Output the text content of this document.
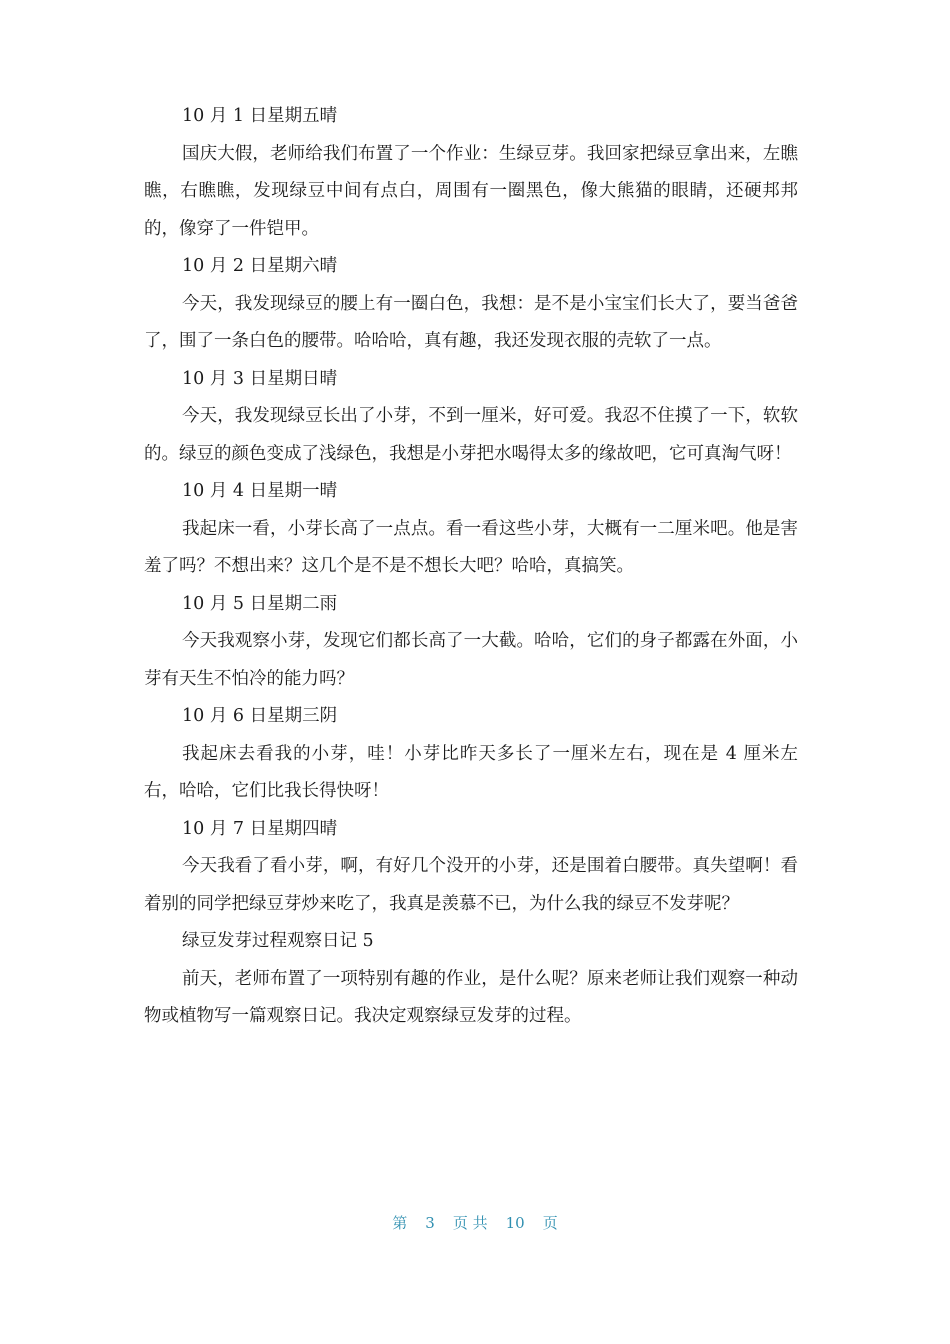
10 月 1 日星期五晴

国庆大假，老师给我们布置了一个作业：生绿豆芽。我回家把绿豆拿出来，左瞧瞧，右瞧瞧，发现绿豆中间有点白，周围有一圈黑色，像大熊猫的眼睛，还硬邦邦的，像穿了一件铠甲。

10 月 2 日星期六晴

今天，我发现绿豆的腰上有一圈白色，我想：是不是小宝宝们长大了，要当爸爸了，围了一条白色的腰带。哈哈哈，真有趣，我还发现衣服的壳软了一点。

10 月 3 日星期日晴

今天，我发现绿豆长出了小芽，不到一厘米，好可爱。我忍不住摸了一下，软软的。绿豆的颜色变成了浅绿色，我想是小芽把水喝得太多的缘故吧，它可真淘气呀！

10 月 4 日星期一晴

我起床一看，小芽长高了一点点。看一看这些小芽，大概有一二厘米吧。他是害羞了吗？不想出来？这几个是不是不想长大吧？哈哈，真搞笑。

10 月 5 日星期二雨

今天我观察小芽，发现它们都长高了一大截。哈哈，它们的身子都露在外面，小芽有天生不怕冷的能力吗？

10 月 6 日星期三阴

我起床去看我的小芽，哇！小芽比昨天多长了一厘米左右，现在是 4 厘米左右，哈哈，它们比我长得快呀！

10 月 7 日星期四晴

今天我看了看小芽，啊，有好几个没开的小芽，还是围着白腰带。真失望啊！看着别的同学把绿豆芽炒来吃了，我真是羡慕不已，为什么我的绿豆不发芽呢？

绿豆发芽过程观察日记 5

前天，老师布置了一项特别有趣的作业，是什么呢？原来老师让我们观察一种动物或植物写一篇观察日记。我决定观察绿豆发芽的过程。

第 3 页 共 10 页
